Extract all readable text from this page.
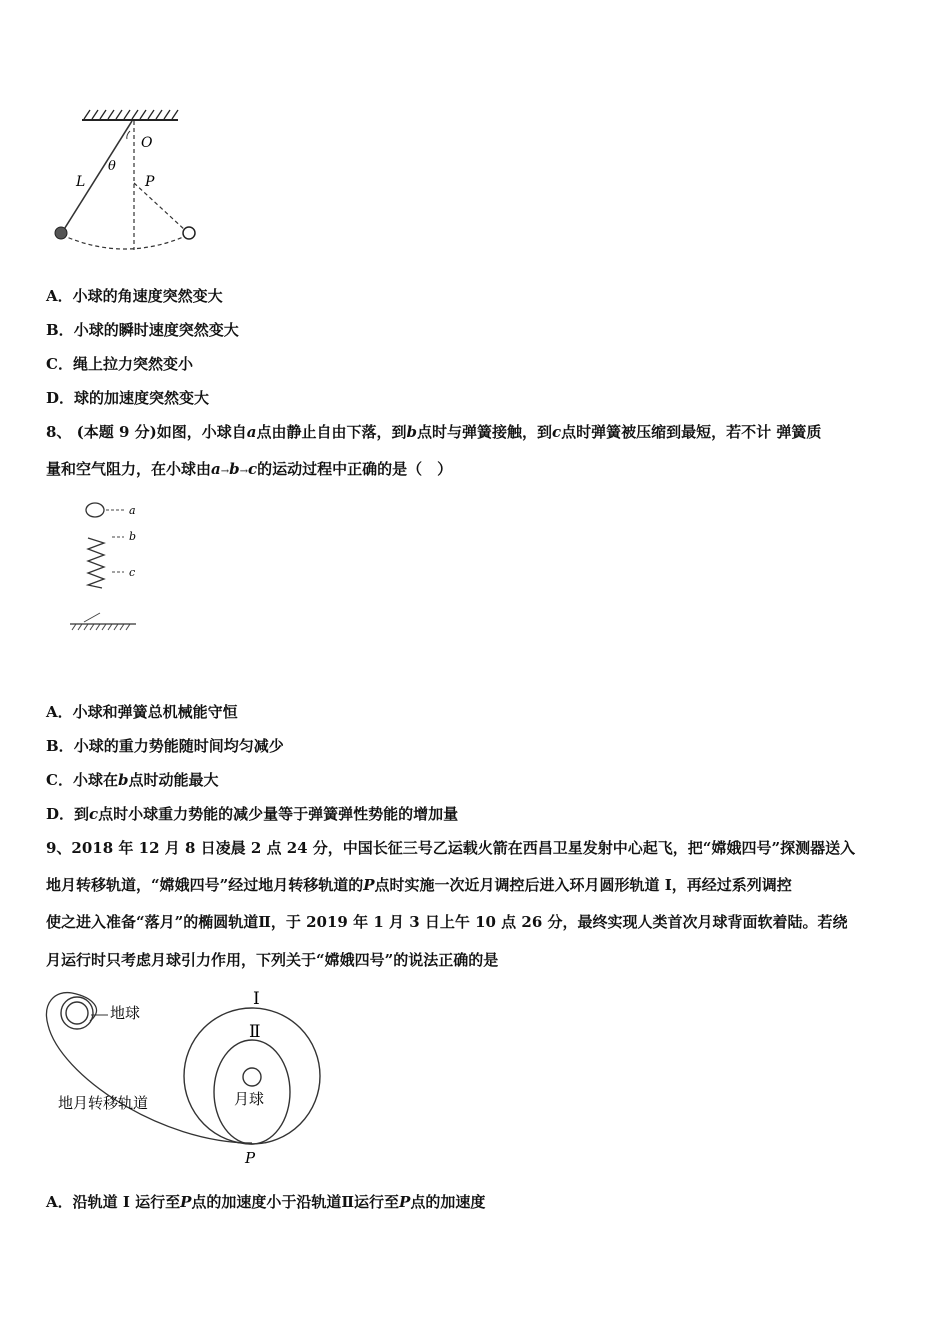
O
θ
L	P
A．小球的角速度突然变大
B．小球的瞬时速度突然变大
C．绳上拉力突然变小
D．球的加速度突然变大
8、 (本题 9 分)如图，小球自a点由静止自由下落，到b点时与弹簧接触，到c点时弹簧被压缩到最短，若不计 弹簧质
量和空气阻力，在小球由a→b→c的运动过程中正确的是（　）
a
b
c
A．小球和弹簧总机械能守恒
B．小球的重力势能随时间均匀减少
C．小球在b点时动能最大
D．到c点时小球重力势能的减少量等于弹簧弹性势能的增加量
9、2018 年 12 月 8 日凌晨 2 点 24 分，中国长征三号乙运载火箭在西昌卫星发射中心起飞，把“嫦娥四号”探测器送入
地月转移轨道，“嫦娥四号”经过地月转移轨道的P点时实施一次近月调控后进入环月圆形轨道 I，再经过系列调控
使之进入准备“落月”的椭圆轨道Ⅱ，于 2019 年 1 月 3 日上午 10 点 26 分，最终实现人类首次月球背面软着陆。若绕
月运行时只考虑月球引力作用，下列关于“嫦娥四号”的说法正确的是
地球
I
Ⅱ
月球
地月转移轨道
P
A．沿轨道 I 运行至P点的加速度小于沿轨道Ⅱ运行至P点的加速度
